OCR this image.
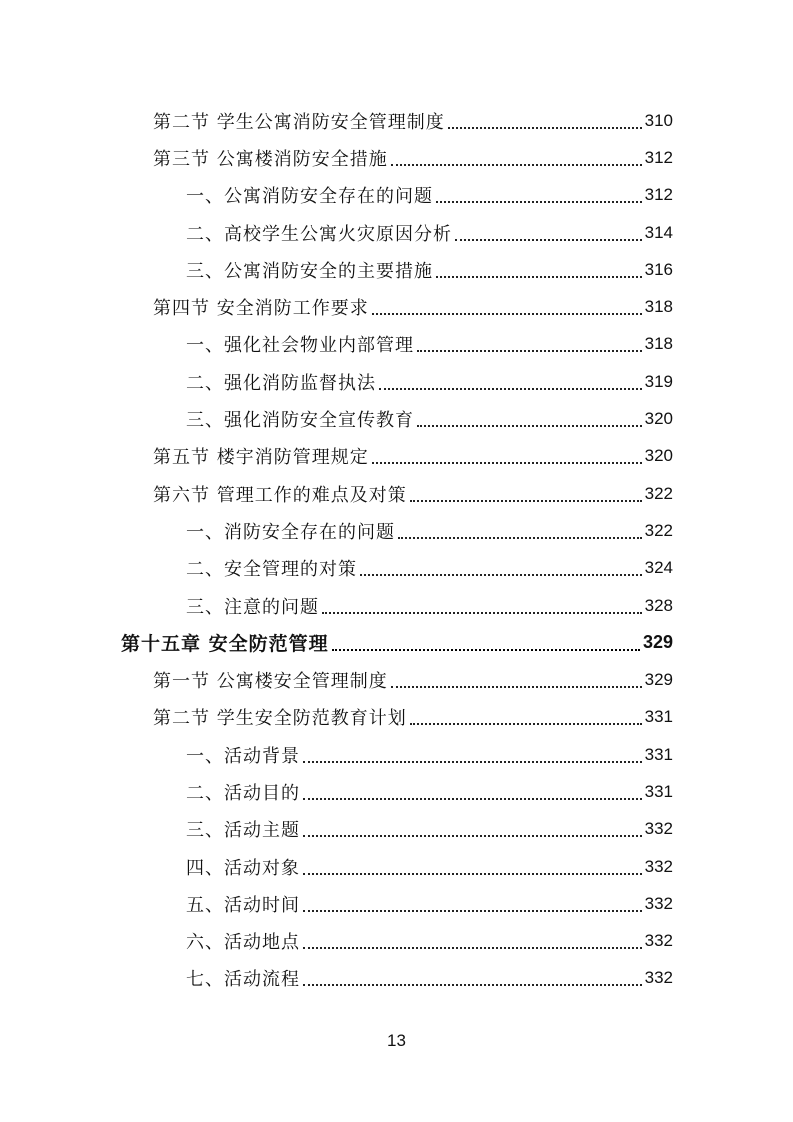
第二节 学生公寓消防安全管理制度	310
第三节 公寓楼消防安全措施	312
一、公寓消防安全存在的问题	312
二、高校学生公寓火灾原因分析	314
三、公寓消防安全的主要措施	316
第四节 安全消防工作要求	318
一、强化社会物业内部管理	318
二、强化消防监督执法	319
三、强化消防安全宣传教育	320
第五节 楼宇消防管理规定	320
第六节 管理工作的难点及对策	322
一、消防安全存在的问题	322
二、安全管理的对策	324
三、注意的问题	328
第十五章 安全防范管理	329
第一节 公寓楼安全管理制度	329
第二节 学生安全防范教育计划	331
一、活动背景	331
二、活动目的	331
三、活动主题	332
四、活动对象	332
五、活动时间	332
六、活动地点	332
七、活动流程	332
13
